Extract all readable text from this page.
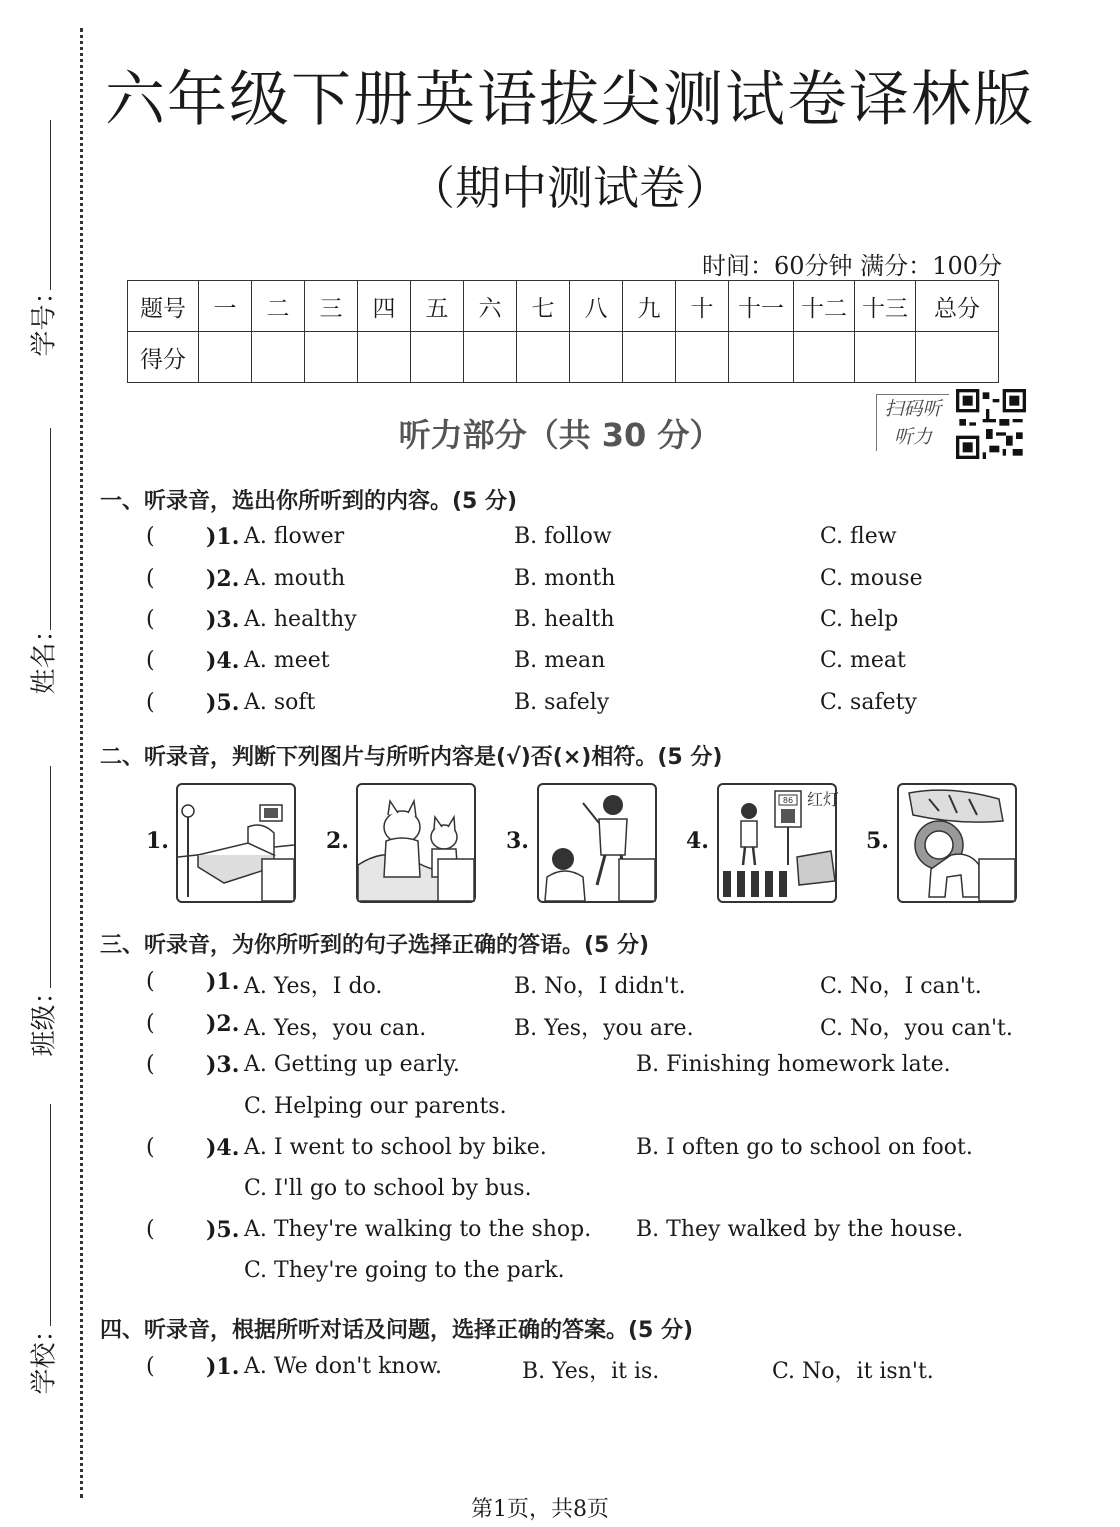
学号：
姓名：
班级：
学校：
六年级下册英语拔尖测试卷译林版
（期中测试卷）
时间：60分钟 满分：100分
题号	一	二	三	四	五	六	七	八	九	十	十一	十二	十三	总分
得分														
听力部分（共 30 分）
扫码听听力
一、听录音，选出你所听到的内容。(5 分)
( )1. A. flower	B. follow	C. flew
( )2. A. mouth	B. month	C. mouse
( )3. A. healthy	B. health	C. help
( )4. A. meet	B. mean	C. meat
( )5. A. soft	B. safely	C. safety
二、听录音，判断下列图片与所听内容是(√)否(×)相符。(5 分)
1.	2.	3.	4.
86 红灯
5.
三、听录音，为你所听到的句子选择正确的答语。(5 分)
( )1. A. Yes，I do.	B. No，I didn't.	C. No，I can't.
( )2. A. Yes，you can.	B. Yes，you are.	C. No，you can't.
( )3. A. Getting up early.	B. Finishing homework late.
C. Helping our parents.
( )4. A. I went to school by bike.	B. I often go to school on foot.
C. I'll go to school by bus.
( )5. A. They're walking to the shop. B. They walked by the house.
C. They're going to the park.
四、听录音，根据所听对话及问题，选择正确的答案。(5 分)
( )1. A. We don't know.	B. Yes，it is.	C. No，it isn't.
第1页，共8页
